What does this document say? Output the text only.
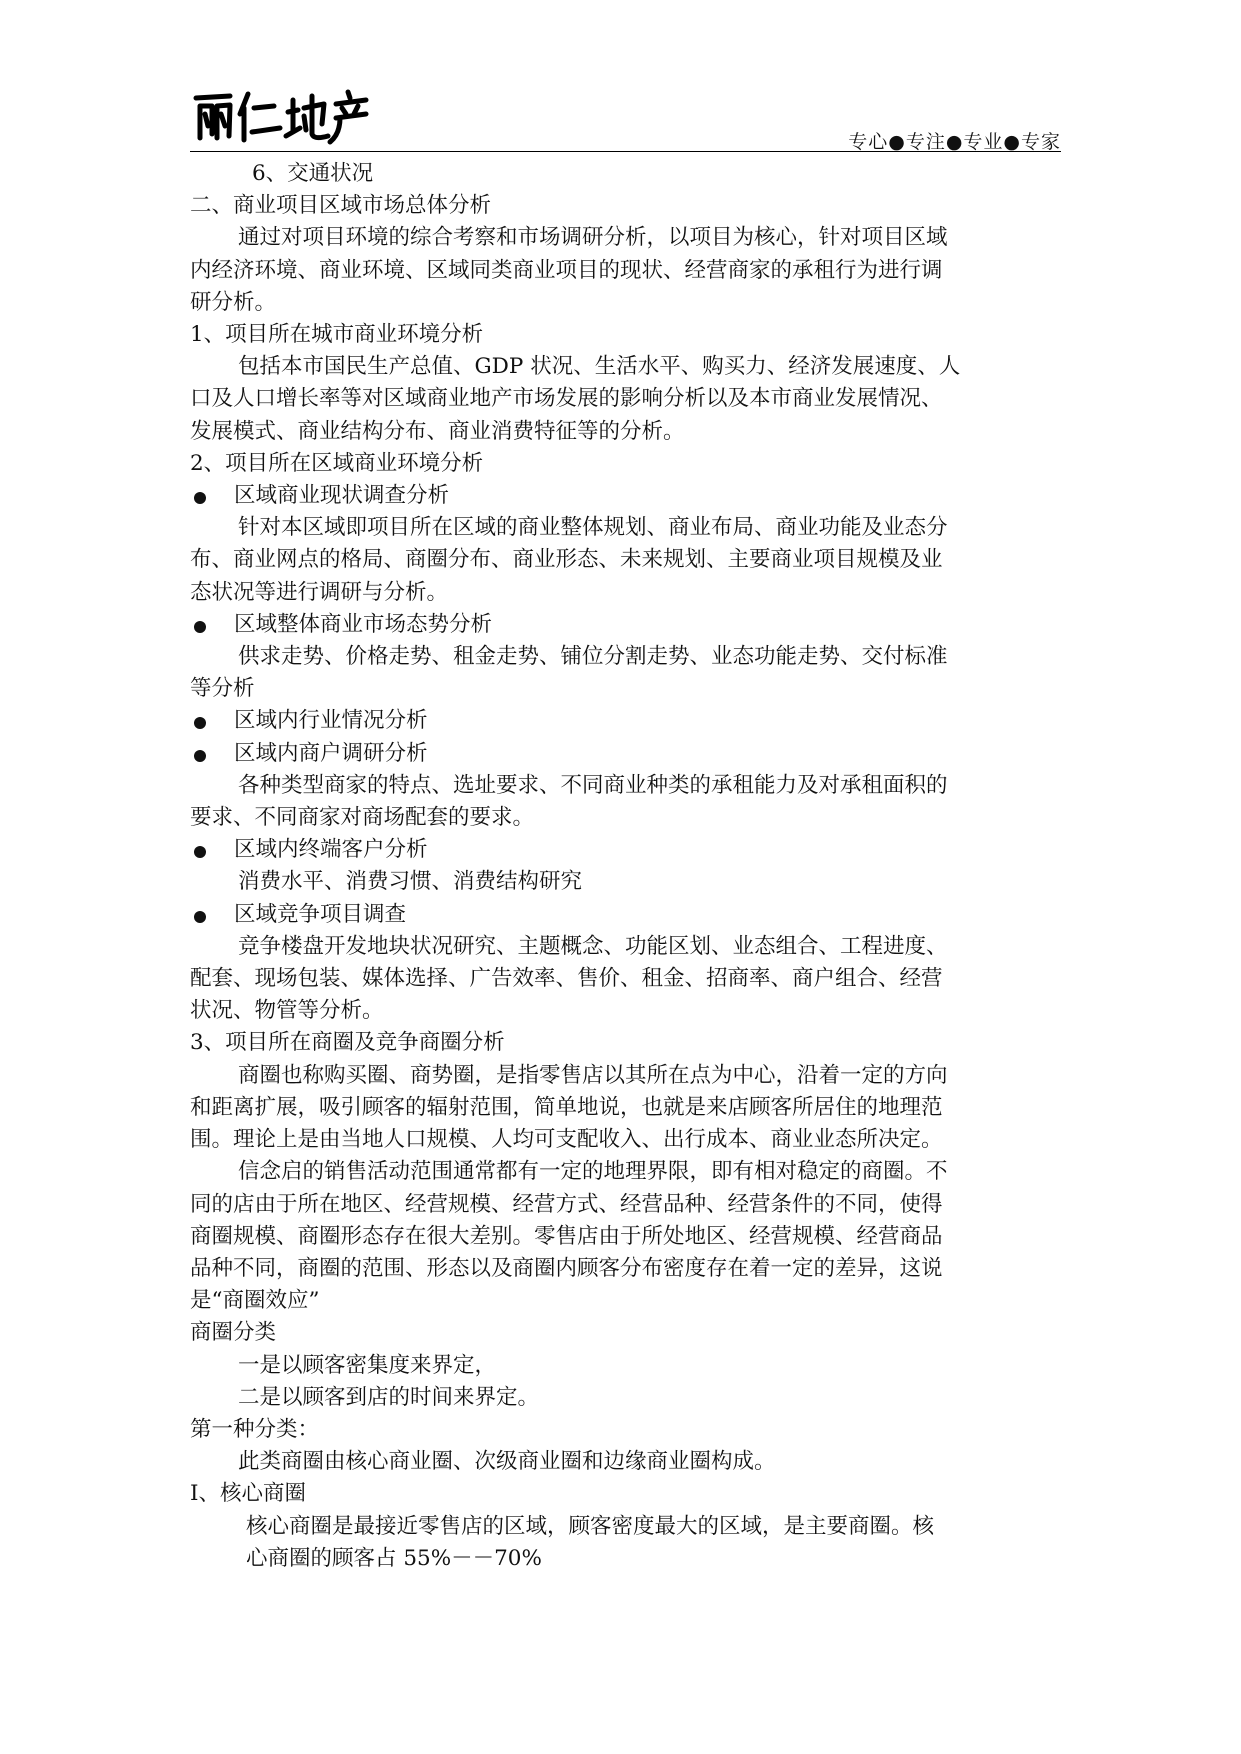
专心●专注●专业●专家
6、交通状况
二、商业项目区域市场总体分析
通过对项目环境的综合考察和市场调研分析，以项目为核心，针对项目区域
内经济环境、商业环境、区域同类商业项目的现状、经营商家的承租行为进行调
研分析。
1、项目所在城市商业环境分析
包括本市国民生产总值、GDP 状况、生活水平、购买力、经济发展速度、人
口及人口增长率等对区域商业地产市场发展的影响分析以及本市商业发展情况、
发展模式、商业结构分布、商业消费特征等的分析。
2、项目所在区域商业环境分析
区域商业现状调查分析
针对本区域即项目所在区域的商业整体规划、商业布局、商业功能及业态分
布、商业网点的格局、商圈分布、商业形态、未来规划、主要商业项目规模及业
态状况等进行调研与分析。
区域整体商业市场态势分析
供求走势、价格走势、租金走势、铺位分割走势、业态功能走势、交付标准
等分析
区域内行业情况分析
区域内商户调研分析
各种类型商家的特点、选址要求、不同商业种类的承租能力及对承租面积的
要求、不同商家对商场配套的要求。
区域内终端客户分析
消费水平、消费习惯、消费结构研究
区域竞争项目调查
竞争楼盘开发地块状况研究、主题概念、功能区划、业态组合、工程进度、
配套、现场包装、媒体选择、广告效率、售价、租金、招商率、商户组合、经营
状况、物管等分析。
3、项目所在商圈及竞争商圈分析
商圈也称购买圈、商势圈，是指零售店以其所在点为中心，沿着一定的方向
和距离扩展，吸引顾客的辐射范围，简单地说，也就是来店顾客所居住的地理范
围。理论上是由当地人口规模、人均可支配收入、出行成本、商业业态所决定。
信念启的销售活动范围通常都有一定的地理界限，即有相对稳定的商圈。不
同的店由于所在地区、经营规模、经营方式、经营品种、经营条件的不同，使得
商圈规模、商圈形态存在很大差别。零售店由于所处地区、经营规模、经营商品
品种不同，商圈的范围、形态以及商圈内顾客分布密度存在着一定的差异，这说
是“商圈效应”
商圈分类
一是以顾客密集度来界定，
二是以顾客到店的时间来界定。
第一种分类：
此类商圈由核心商业圈、次级商业圈和边缘商业圈构成。
Ⅰ、核心商圈
核心商圈是最接近零售店的区域，顾客密度最大的区域，是主要商圈。核
心商圈的顾客占 55%－－70%
